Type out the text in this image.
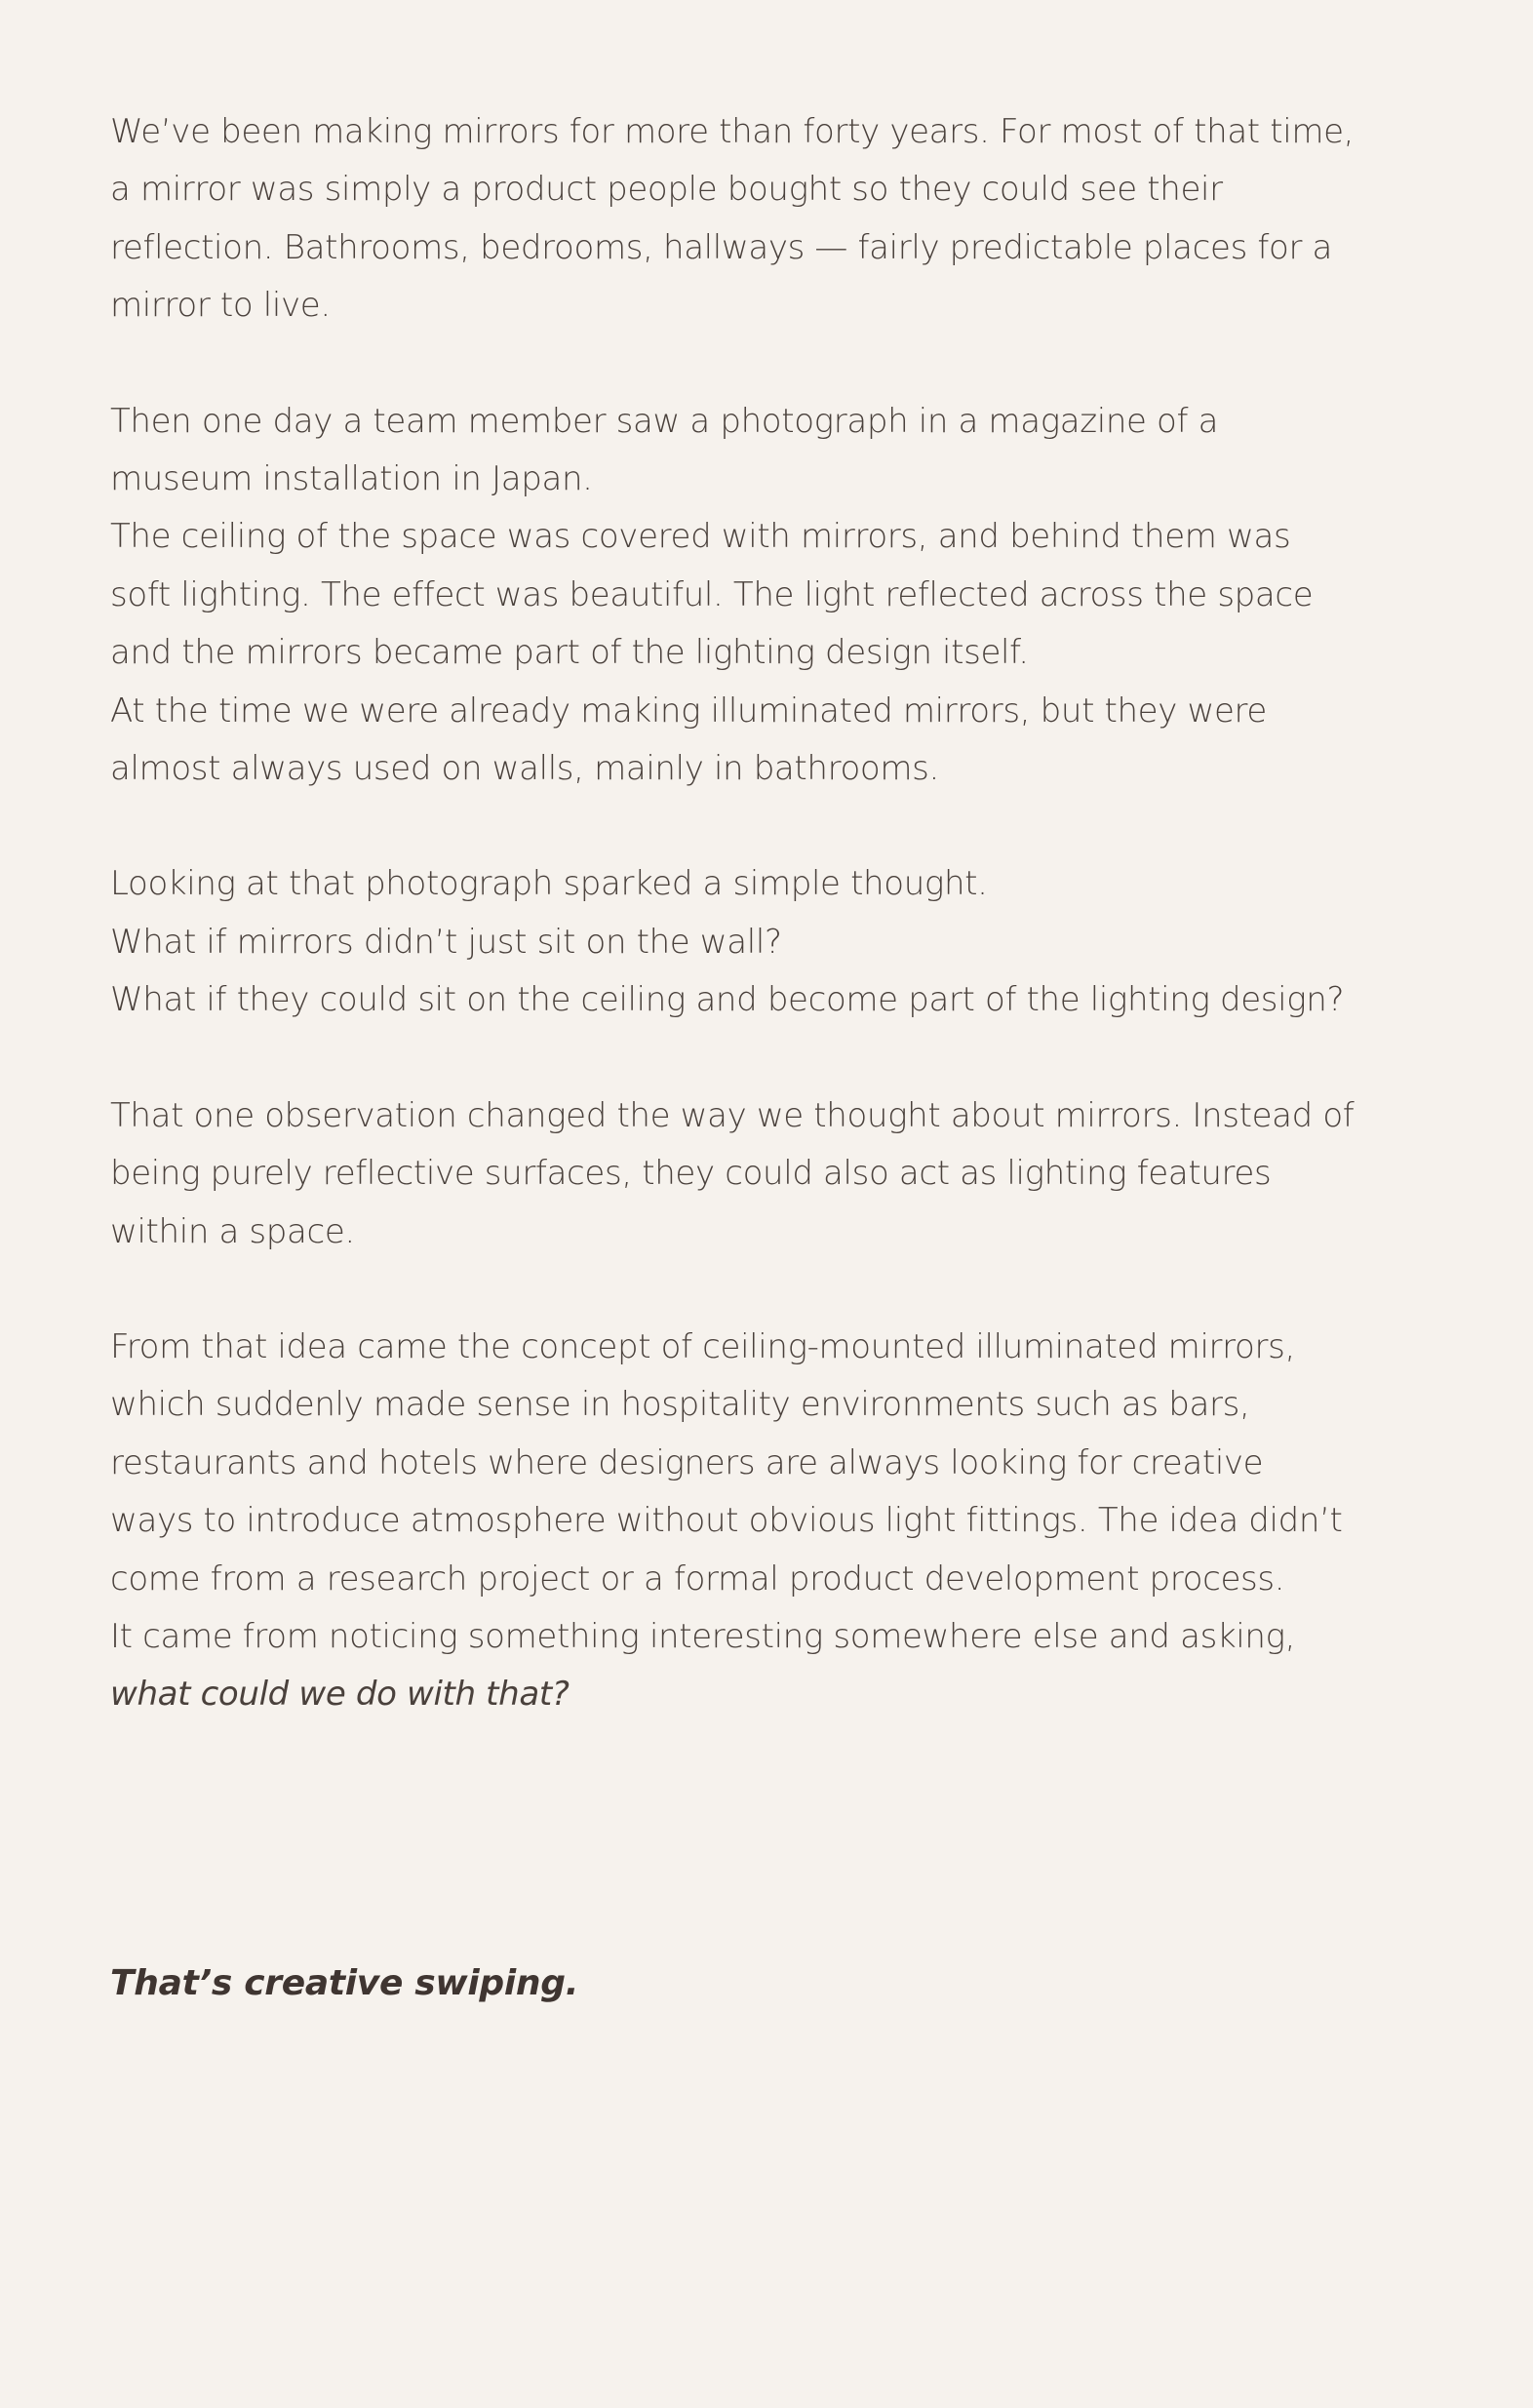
We’ve been making mirrors for more than forty years. For most of that time,
a mirror was simply a product people bought so they could see their
reflection. Bathrooms, bedrooms, hallways — fairly predictable places for a
mirror to live.

Then one day a team member saw a photograph in a magazine of a
museum installation in Japan.
The ceiling of the space was covered with mirrors, and behind them was
soft lighting. The effect was beautiful. The light reflected across the space
and the mirrors became part of the lighting design itself.
At the time we were already making illuminated mirrors, but they were
almost always used on walls, mainly in bathrooms.

Looking at that photograph sparked a simple thought.
What if mirrors didn’t just sit on the wall?
What if they could sit on the ceiling and become part of the lighting design?

That one observation changed the way we thought about mirrors. Instead of
being purely reflective surfaces, they could also act as lighting features
within a space.

From that idea came the concept of ceiling-mounted illuminated mirrors,
which suddenly made sense in hospitality environments such as bars,
restaurants and hotels where designers are always looking for creative
ways to introduce atmosphere without obvious light fittings. The idea didn’t
come from a research project or a formal product development process.
It came from noticing something interesting somewhere else and asking,
what could we do with that?

That’s creative swiping.
